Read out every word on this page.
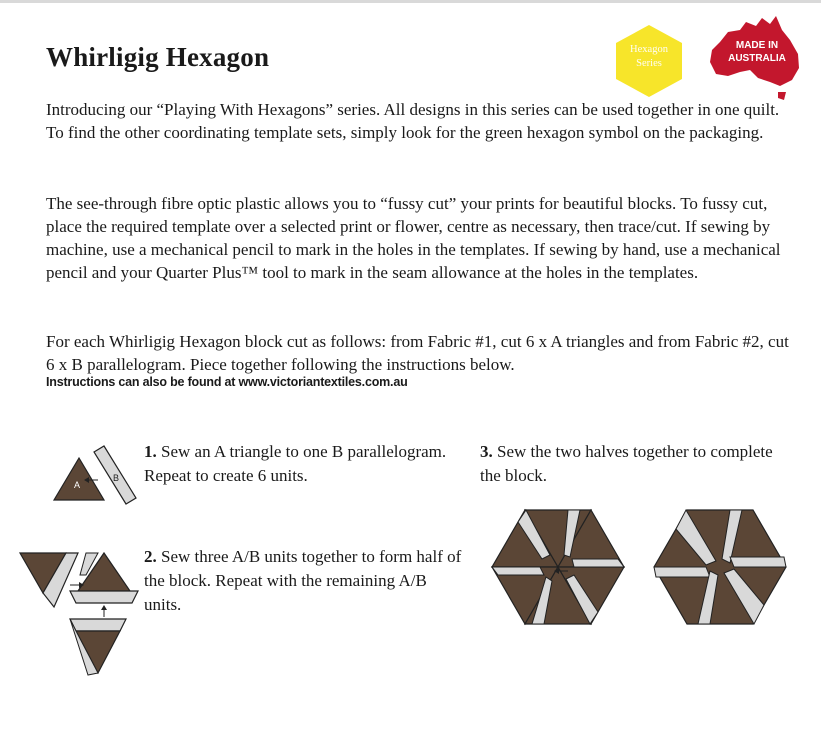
Whirligig Hexagon	Hexagon
Series
MADE IN
AUSTRALIA

Introducing our “Playing With Hexagons” series. All designs in this series can be used together in one quilt. To find the other coordinating template sets, simply look for the green hexagon symbol on the packaging.

The see-through fibre optic plastic allows you to “fussy cut” your prints for beautiful blocks. To fussy cut, place the required template over a selected print or flower, centre as necessary, then trace/cut. If sewing by machine, use a mechanical pencil to mark in the holes in the templates. If sewing by hand, use a mechanical pencil and your Quarter Plus™ tool to mark in the seam allowance at the holes in the templates.

For each Whirligig Hexagon block cut as follows: from Fabric #1, cut 6 x A triangles and from Fabric #2, cut 6 x B parallelogram. Piece together following the instructions below.

Instructions can also be found at www.victoriantextiles.com.au

1. Sew an A triangle to one B parallelogram. Repeat to create 6 units.

2. Sew three A/B units together to form half of the block. Repeat with the remaining A/B units.

3. Sew the two halves together to complete the block.

A
B
